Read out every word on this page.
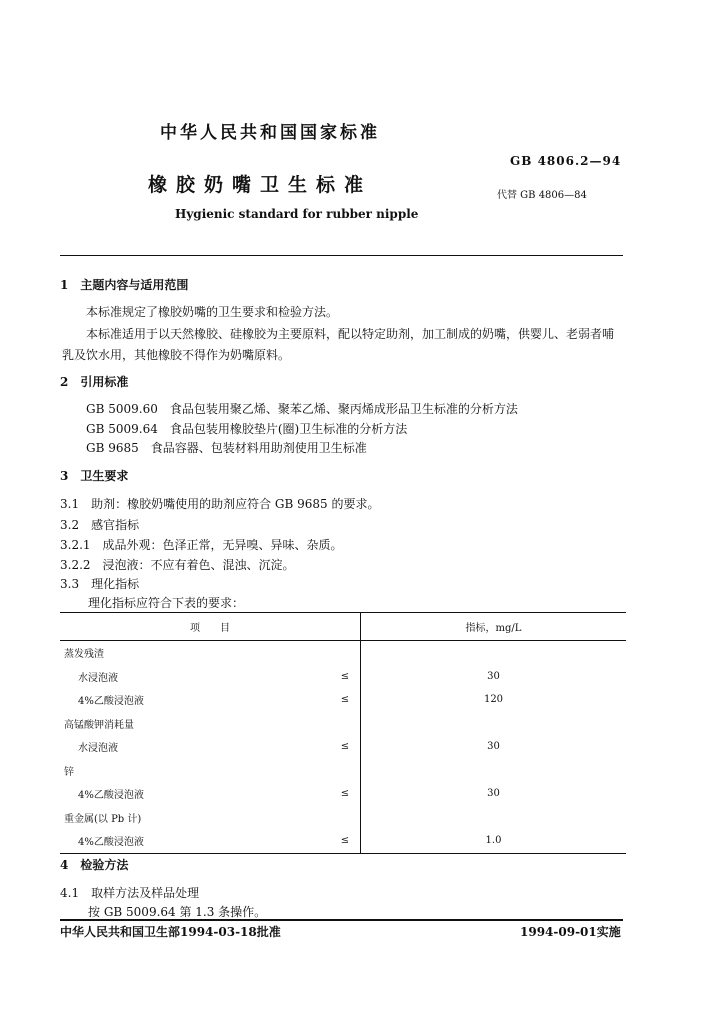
中华人民共和国国家标准
橡胶奶嘴卫生标准
Hygienic standard for rubber nipple
GB 4806.2—94
代替 GB 4806—84
1　主题内容与适用范围
本标准规定了橡胶奶嘴的卫生要求和检验方法。
本标准适用于以天然橡胶、硅橡胶为主要原料，配以特定助剂，加工制成的奶嘴，供婴儿、老弱者哺
乳及饮水用，其他橡胶不得作为奶嘴原料。
2　引用标准
GB 5009.60　食品包装用聚乙烯、聚苯乙烯、聚丙烯成形品卫生标准的分析方法
GB 5009.64　食品包装用橡胶垫片(圈)卫生标准的分析方法
GB 9685　食品容器、包装材料用助剂使用卫生标准
3　卫生要求
3.1　助剂：橡胶奶嘴使用的助剂应符合 GB 9685 的要求。
3.2　感官指标
3.2.1　成品外观：色泽正常，无异嗅、异味、杂质。
3.2.2　浸泡液：不应有着色、混浊、沉淀。
3.3　理化指标
理化指标应符合下表的要求：
项　　目		指标，mg/L
蒸发残渣		
水浸泡液	≤	30
4%乙酸浸泡液	≤	120
高锰酸钾消耗量		
水浸泡液	≤	30
锌		
4%乙酸浸泡液	≤	30
重金属(以 Pb 计)		
4%乙酸浸泡液	≤	1.0
4　检验方法
4.1　取样方法及样品处理
按 GB 5009.64 第 1.3 条操作。
中华人民共和国卫生部1994-03-18批准	1994-09-01实施
